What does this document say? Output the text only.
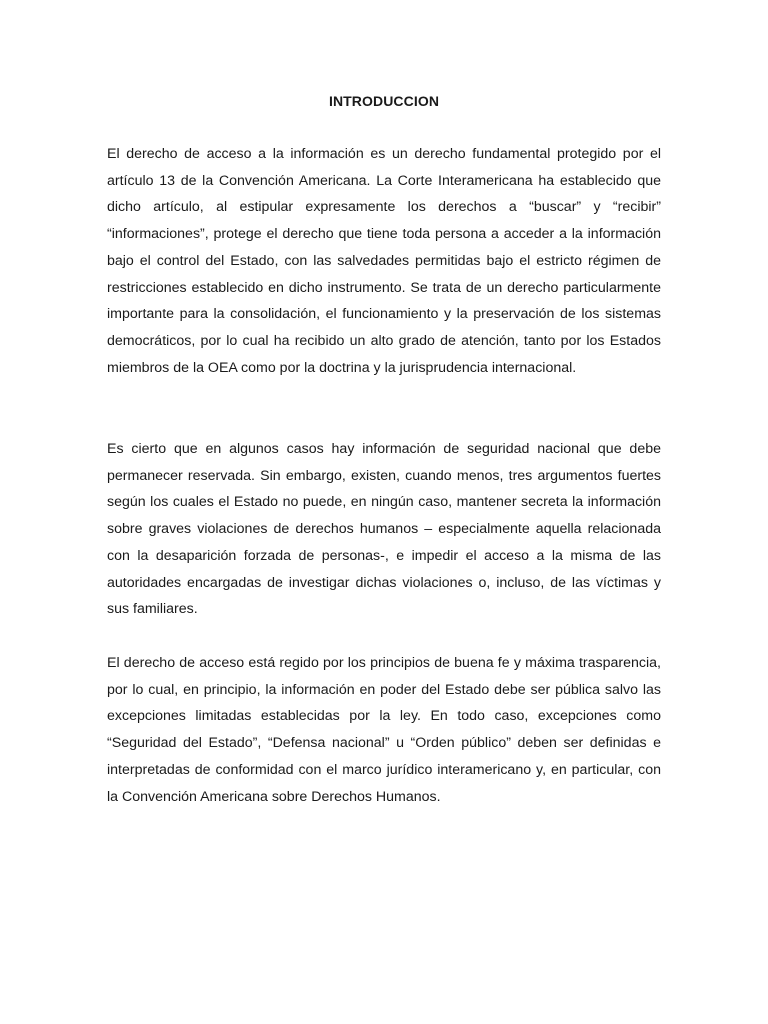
INTRODUCCION

El derecho de acceso a la información es un derecho fundamental protegido por el artículo 13 de la Convención Americana. La Corte Interamericana ha establecido que dicho artículo, al estipular expresamente los derechos a “buscar” y “recibir” “informaciones”, protege el derecho que tiene toda persona a acceder a la información bajo el control del Estado, con las salvedades permitidas bajo el estricto régimen de restricciones establecido en dicho instrumento. Se trata de un derecho particularmente importante para la consolidación, el funcionamiento y la preservación de los sistemas democráticos, por lo cual ha recibido un alto grado de atención, tanto por los Estados miembros de la OEA como por la doctrina y la jurisprudencia internacional.

Es cierto que en algunos casos hay información de seguridad nacional que debe permanecer reservada. Sin embargo, existen, cuando menos, tres argumentos fuertes según los cuales el Estado no puede, en ningún caso, mantener secreta la información sobre graves violaciones de derechos humanos – especialmente aquella relacionada con la desaparición forzada de personas-, e impedir el acceso a la misma de las autoridades encargadas de investigar dichas violaciones o, incluso, de las víctimas y sus familiares.

El derecho de acceso está regido por los principios de buena fe y máxima trasparencia, por lo cual, en principio, la información en poder del Estado debe ser pública salvo las excepciones limitadas establecidas por la ley. En todo caso, excepciones como “Seguridad del Estado”, “Defensa nacional” u “Orden público” deben ser definidas e interpretadas de conformidad con el marco jurídico interamericano y, en particular, con la Convención Americana sobre Derechos Humanos.
